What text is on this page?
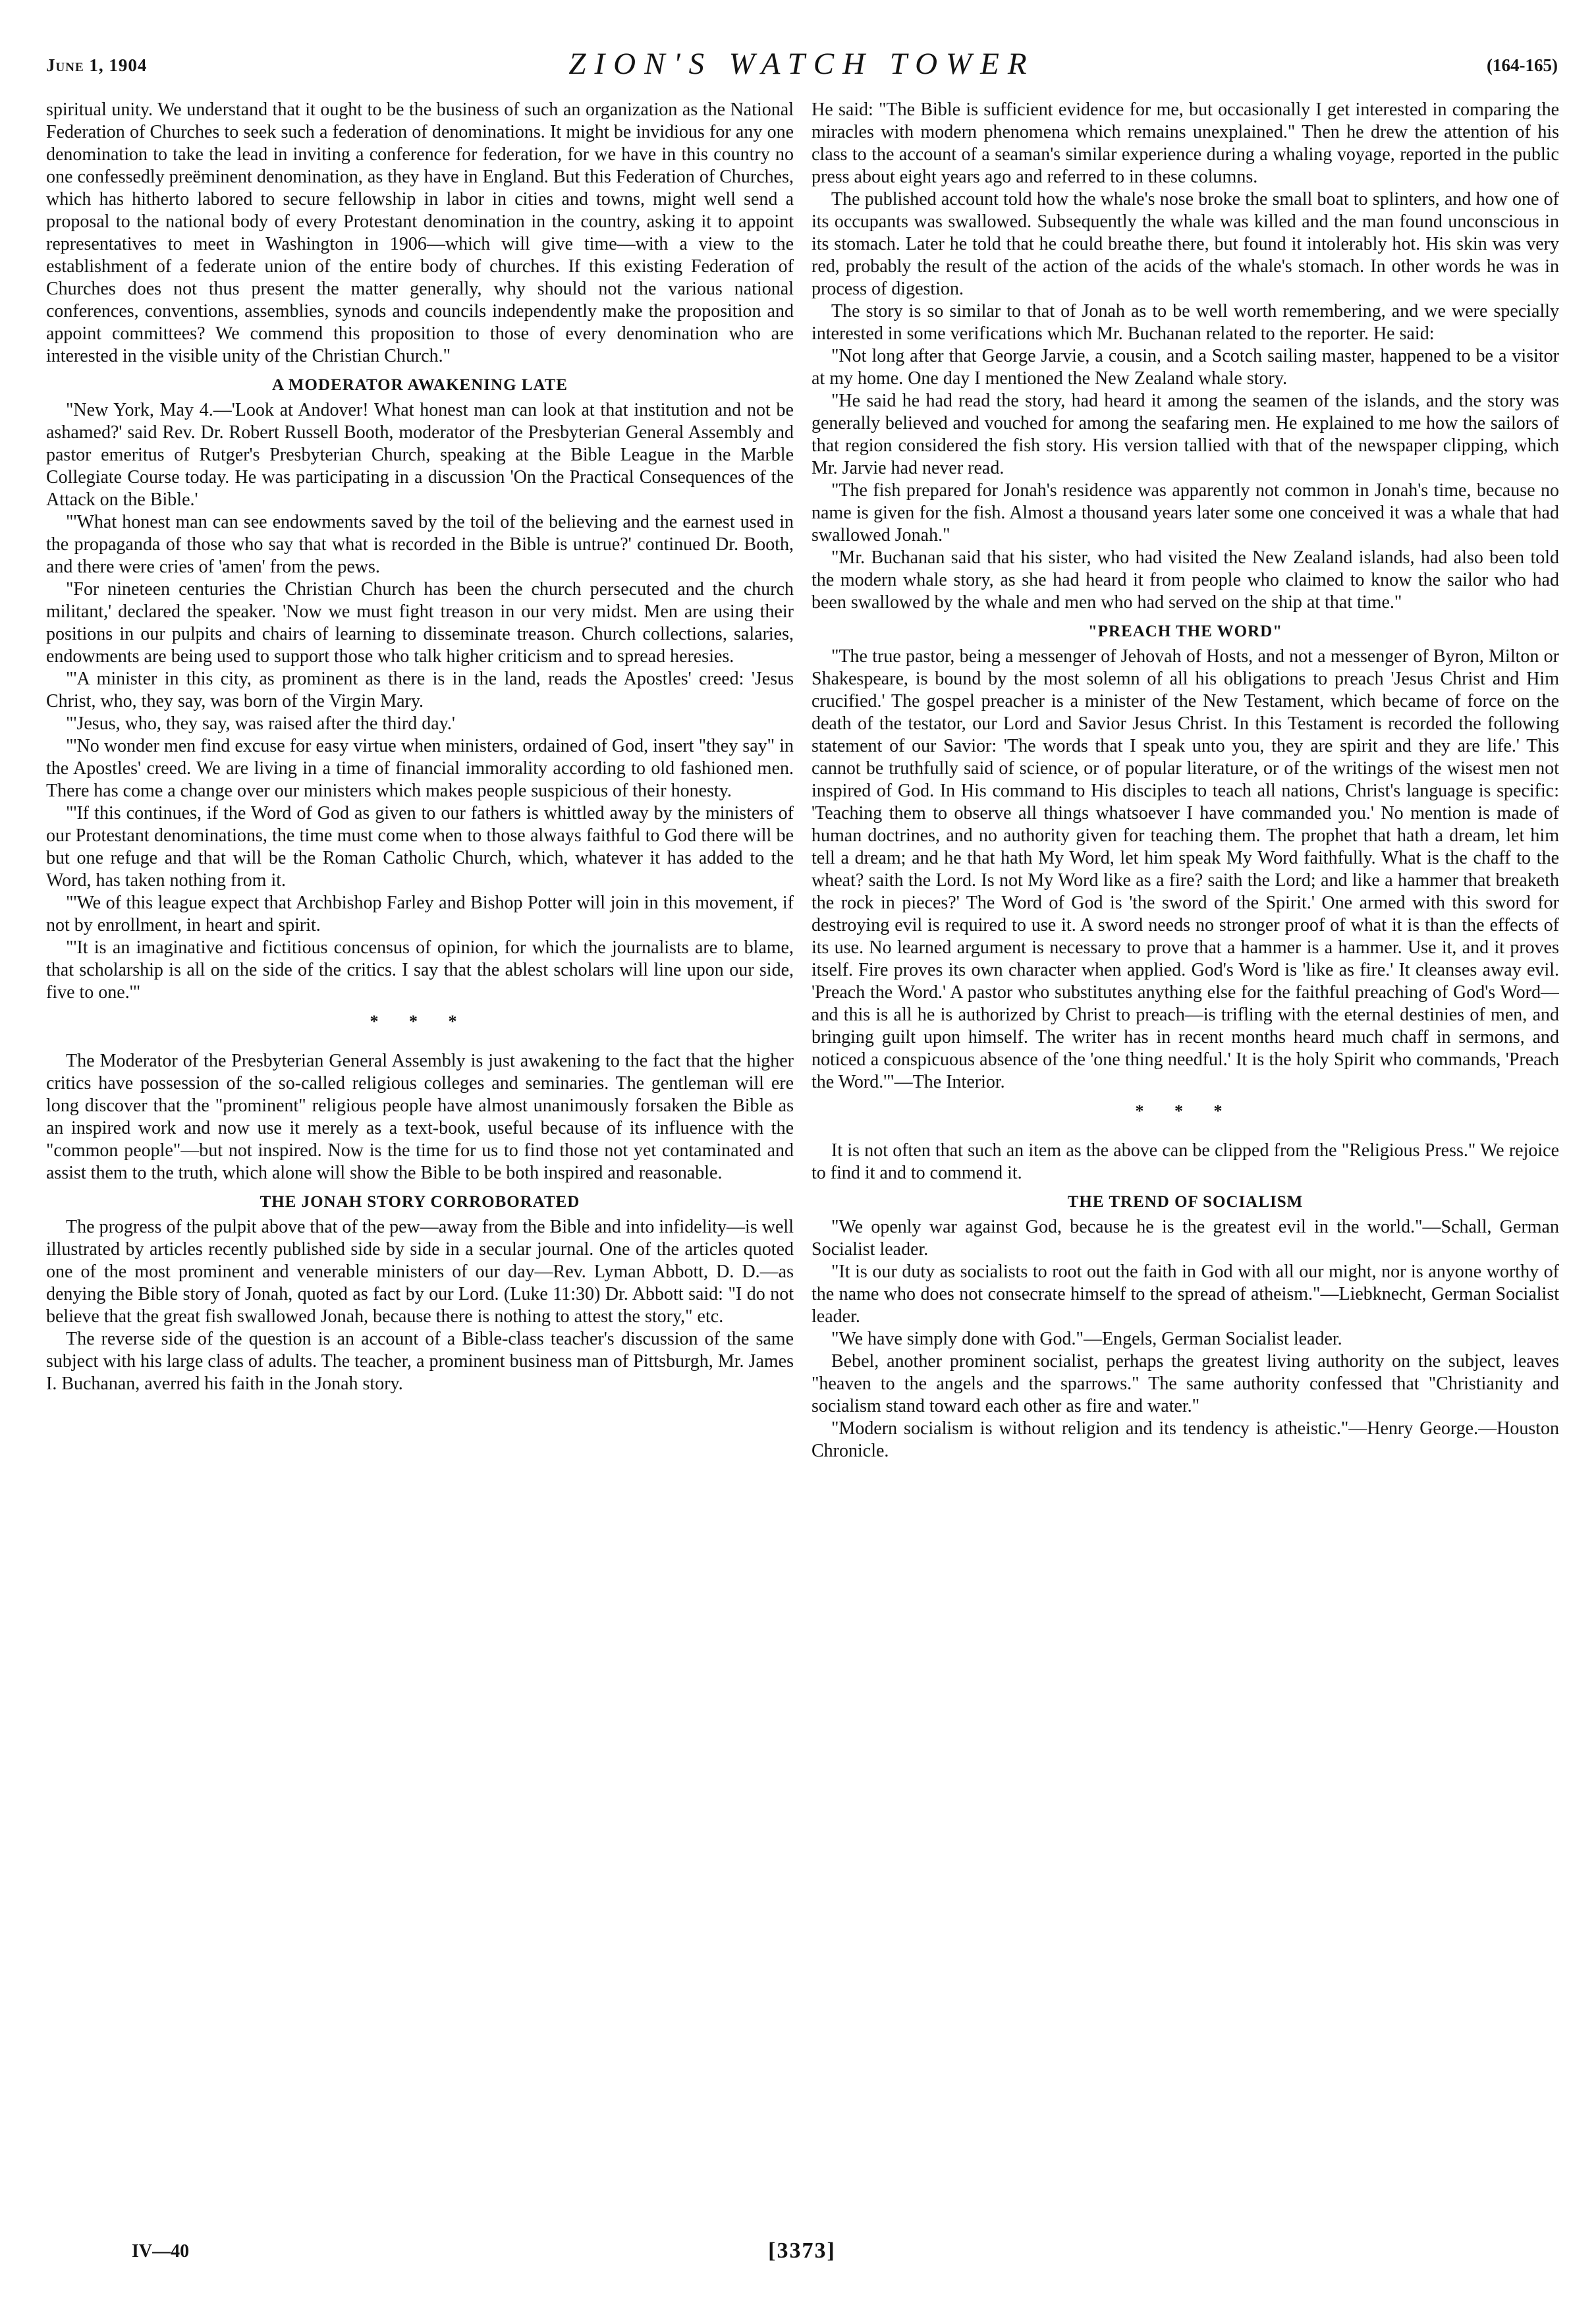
June 1, 1904	ZION'S WATCH TOWER	(164-165)

spiritual unity. We understand that it ought to be the business of such an organization as the National Federation of Churches to seek such a federation of denominations. It might be invidious for any one denomination to take the lead in inviting a conference for federation, for we have in this country no one confessedly preëminent denomination, as they have in England. But this Federation of Churches, which has hitherto labored to secure fellowship in labor in cities and towns, might well send a proposal to the national body of every Protestant denomination in the country, asking it to appoint representatives to meet in Washington in 1906—which will give time—with a view to the establishment of a federate union of the entire body of churches. If this existing Federation of Churches does not thus present the matter generally, why should not the various national conferences, conventions, assemblies, synods and councils independently make the proposition and appoint committees? We commend this proposition to those of every denomination who are interested in the visible unity of the Christian Church."

A MODERATOR AWAKENING LATE

"New York, May 4.—'Look at Andover! What honest man can look at that institution and not be ashamed?' said Rev. Dr. Robert Russell Booth, moderator of the Presbyterian General Assembly and pastor emeritus of Rutger's Presbyterian Church, speaking at the Bible League in the Marble Collegiate Course today. He was participating in a discussion 'On the Practical Consequences of the Attack on the Bible.'

"'What honest man can see endowments saved by the toil of the believing and the earnest used in the propaganda of those who say that what is recorded in the Bible is untrue?' continued Dr. Booth, and there were cries of 'amen' from the pews.

"For nineteen centuries the Christian Church has been the church persecuted and the church militant,' declared the speaker. 'Now we must fight treason in our very midst. Men are using their positions in our pulpits and chairs of learning to disseminate treason. Church collections, salaries, endowments are being used to support those who talk higher criticism and to spread heresies.

"'A minister in this city, as prominent as there is in the land, reads the Apostles' creed: 'Jesus Christ, who, they say, was born of the Virgin Mary.

"'Jesus, who, they say, was raised after the third day.'

"'No wonder men find excuse for easy virtue when ministers, ordained of God, insert "they say" in the Apostles' creed. We are living in a time of financial immorality according to old fashioned men. There has come a change over our ministers which makes people suspicious of their honesty.

"'If this continues, if the Word of God as given to our fathers is whittled away by the ministers of our Protestant denominations, the time must come when to those always faithful to God there will be but one refuge and that will be the Roman Catholic Church, which, whatever it has added to the Word, has taken nothing from it.

"'We of this league expect that Archbishop Farley and Bishop Potter will join in this movement, if not by enrollment, in heart and spirit.

"'It is an imaginative and fictitious concensus of opinion, for which the journalists are to blame, that scholarship is all on the side of the critics. I say that the ablest scholars will line upon our side, five to one.'"

* * *

The Moderator of the Presbyterian General Assembly is just awakening to the fact that the higher critics have possession of the so-called religious colleges and seminaries. The gentleman will ere long discover that the "prominent" religious people have almost unanimously forsaken the Bible as an inspired work and now use it merely as a text-book, useful because of its influence with the "common people"—but not inspired. Now is the time for us to find those not yet contaminated and assist them to the truth, which alone will show the Bible to be both inspired and reasonable.

THE JONAH STORY CORROBORATED

The progress of the pulpit above that of the pew—away from the Bible and into infidelity—is well illustrated by articles recently published side by side in a secular journal. One of the articles quoted one of the most prominent and venerable ministers of our day—Rev. Lyman Abbott, D. D.—as denying the Bible story of Jonah, quoted as fact by our Lord. (Luke 11:30) Dr. Abbott said: "I do not believe that the great fish swallowed Jonah, because there is nothing to attest the story," etc.

The reverse side of the question is an account of a Bible-class teacher's discussion of the same subject with his large class of adults. The teacher, a prominent business man of Pittsburgh, Mr. James I. Buchanan, averred his faith in the Jonah story.

He said: "The Bible is sufficient evidence for me, but occasionally I get interested in comparing the miracles with modern phenomena which remains unexplained." Then he drew the attention of his class to the account of a seaman's similar experience during a whaling voyage, reported in the public press about eight years ago and referred to in these columns.

The published account told how the whale's nose broke the small boat to splinters, and how one of its occupants was swallowed. Subsequently the whale was killed and the man found unconscious in its stomach. Later he told that he could breathe there, but found it intolerably hot. His skin was very red, probably the result of the action of the acids of the whale's stomach. In other words he was in process of digestion.

The story is so similar to that of Jonah as to be well worth remembering, and we were specially interested in some verifications which Mr. Buchanan related to the reporter. He said:

"Not long after that George Jarvie, a cousin, and a Scotch sailing master, happened to be a visitor at my home. One day I mentioned the New Zealand whale story.

"He said he had read the story, had heard it among the seamen of the islands, and the story was generally believed and vouched for among the seafaring men. He explained to me how the sailors of that region considered the fish story. His version tallied with that of the newspaper clipping, which Mr. Jarvie had never read.

"The fish prepared for Jonah's residence was apparently not common in Jonah's time, because no name is given for the fish. Almost a thousand years later some one conceived it was a whale that had swallowed Jonah."

"Mr. Buchanan said that his sister, who had visited the New Zealand islands, had also been told the modern whale story, as she had heard it from people who claimed to know the sailor who had been swallowed by the whale and men who had served on the ship at that time."

"PREACH THE WORD"

"The true pastor, being a messenger of Jehovah of Hosts, and not a messenger of Byron, Milton or Shakespeare, is bound by the most solemn of all his obligations to preach 'Jesus Christ and Him crucified.' The gospel preacher is a minister of the New Testament, which became of force on the death of the testator, our Lord and Savior Jesus Christ. In this Testament is recorded the following statement of our Savior: 'The words that I speak unto you, they are spirit and they are life.' This cannot be truthfully said of science, or of popular literature, or of the writings of the wisest men not inspired of God. In His command to His disciples to teach all nations, Christ's language is specific: 'Teaching them to observe all things whatsoever I have commanded you.' No mention is made of human doctrines, and no authority given for teaching them. The prophet that hath a dream, let him tell a dream; and he that hath My Word, let him speak My Word faithfully. What is the chaff to the wheat? saith the Lord. Is not My Word like as a fire? saith the Lord; and like a hammer that breaketh the rock in pieces?' The Word of God is 'the sword of the Spirit.' One armed with this sword for destroying evil is required to use it. A sword needs no stronger proof of what it is than the effects of its use. No learned argument is necessary to prove that a hammer is a hammer. Use it, and it proves itself. Fire proves its own character when applied. God's Word is 'like as fire.' It cleanses away evil. 'Preach the Word.' A pastor who substitutes anything else for the faithful preaching of God's Word—and this is all he is authorized by Christ to preach—is trifling with the eternal destinies of men, and bringing guilt upon himself. The writer has in recent months heard much chaff in sermons, and noticed a conspicuous absence of the 'one thing needful.' It is the holy Spirit who commands, 'Preach the Word.'"—The Interior.

* * *

It is not often that such an item as the above can be clipped from the "Religious Press." We rejoice to find it and to commend it.

THE TREND OF SOCIALISM

"We openly war against God, because he is the greatest evil in the world."—Schall, German Socialist leader.

"It is our duty as socialists to root out the faith in God with all our might, nor is anyone worthy of the name who does not consecrate himself to the spread of atheism."—Liebknecht, German Socialist leader.

"We have simply done with God."—Engels, German Socialist leader.

Bebel, another prominent socialist, perhaps the greatest living authority on the subject, leaves "heaven to the angels and the sparrows." The same authority confessed that "Christianity and socialism stand toward each other as fire and water."

"Modern socialism is without religion and its tendency is atheistic."—Henry George.—Houston Chronicle.

IV—40	[3373]
